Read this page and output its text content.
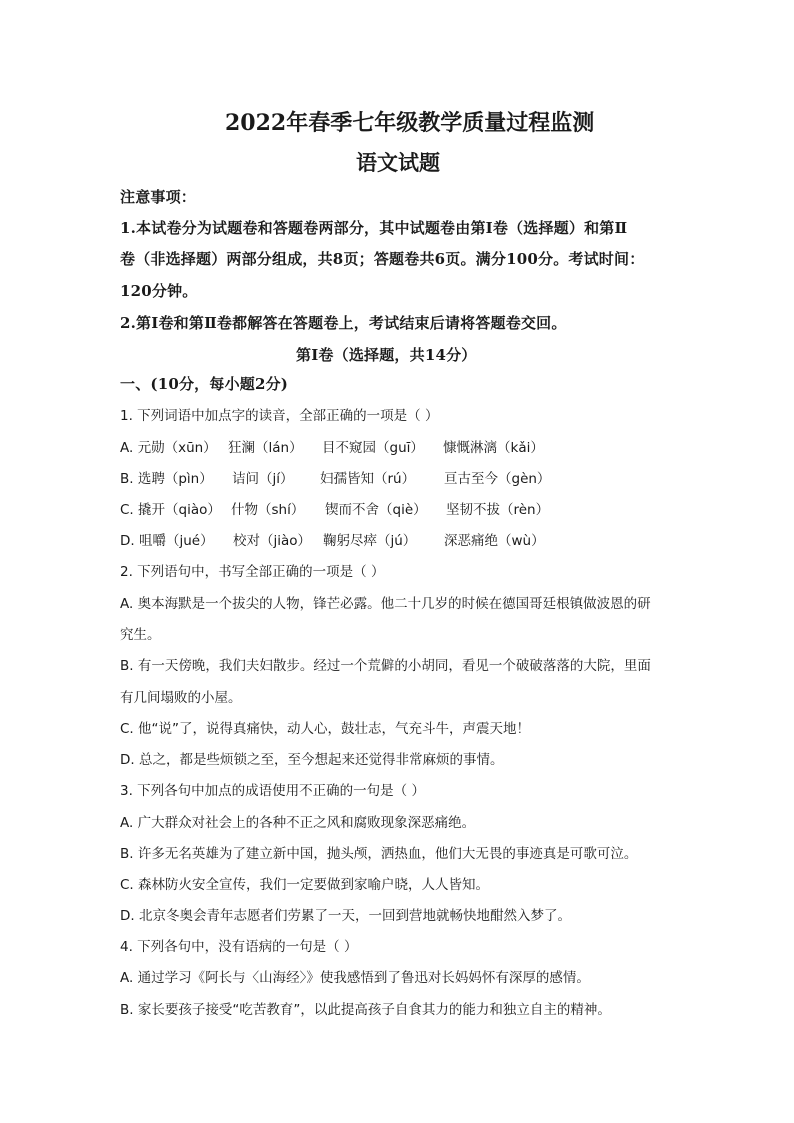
2022年春季七年级教学质量过程监测
语文试题
注意事项：
1.本试卷分为试题卷和答题卷两部分，其中试题卷由第Ⅰ卷（选择题）和第Ⅱ
卷（非选择题）两部分组成，共8页；答题卷共6页。满分100分。考试时间：
120分钟。
2.第Ⅰ卷和第Ⅱ卷都解答在答题卷上，考试结束后请将答题卷交回。
第Ⅰ卷（选择题，共14分）
一、(10分，每小题2分)
1. 下列词语中加点字的读音，全部正确的一项是（ ）
A. 元勋（xūn） 狂澜（lán）	目不窥园（guī）	慷慨淋漓（kǎi）
B. 选聘（pìn）	诘问（jí）	妇孺皆知（rú）	亘古至今（gèn）
C. 撬开（qiào） 什物（shí）	锲而不舍（qiè）	坚韧不拔（rèn）
D. 咀嚼（jué）	校对（jiào） 鞠躬尽瘁（jú）	深恶痛绝（wù）
2. 下列语句中，书写全部正确的一项是（ ）
A. 奥本海默是一个拔尖的人物，锋芒必露。他二十几岁的时候在德国哥廷根镇做波恩的研
究生。
B. 有一天傍晚，我们夫妇散步。经过一个荒僻的小胡同，看见一个破破落落的大院，里面
有几间塌败的小屋。
C. 他“说”了，说得真痛快，动人心，鼓壮志，气充斗牛，声震天地！
D. 总之，都是些烦锁之至，至今想起来还觉得非常麻烦的事情。
3. 下列各句中加点的成语使用不正确的一句是（ ）
A. 广大群众对社会上的各种不正之风和腐败现象深恶痛绝。
B. 许多无名英雄为了建立新中国，抛头颅，洒热血，他们大无畏的事迹真是可歌可泣。
C. 森林防火安全宣传，我们一定要做到家喻户晓，人人皆知。
D. 北京冬奥会青年志愿者们劳累了一天，一回到营地就畅快地酣然入梦了。
4. 下列各句中，没有语病的一句是（ ）
A. 通过学习《阿长与〈山海经〉》使我感悟到了鲁迅对长妈妈怀有深厚的感情。
B. 家长要孩子接受“吃苦教育”，以此提高孩子自食其力的能力和独立自主的精神。
